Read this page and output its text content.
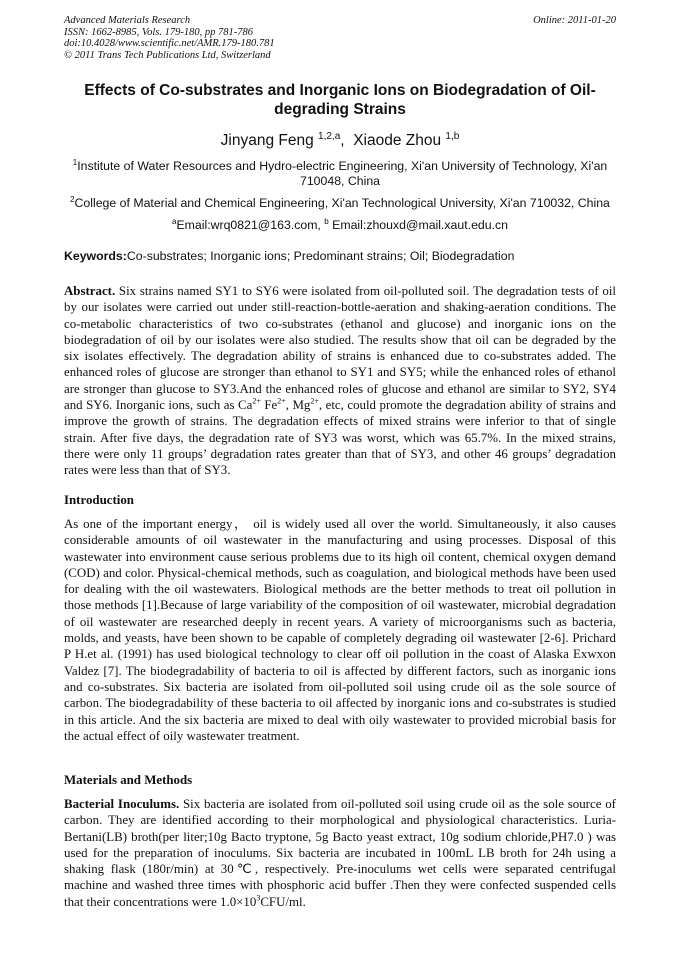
Advanced Materials Research
ISSN: 1662-8985, Vols. 179-180, pp 781-786
doi:10.4028/www.scientific.net/AMR.179-180.781
© 2011 Trans Tech Publications Ltd, Switzerland
Online: 2011-01-20
Effects of Co-substrates and Inorganic Ions on Biodegradation of Oil-degrading Strains
Jinyang Feng $^{1,2,a}$,  Xiaode Zhou $^{1,b}$
$^1$Institute of Water Resources and Hydro-electric Engineering, Xi'an University of Technology, Xi'an 710048, China
$^2$College of Material and Chemical Engineering, Xi'an Technological University, Xi'an 710032, China
$^a$Email:wrq0821@163.com, $^b$ Email:zhouxd@mail.xaut.edu.cn
Keywords:Co-substrates; Inorganic ions; Predominant strains; Oil; Biodegradation
Abstract. Six strains named SY1 to SY6 were isolated from oil-polluted soil. The degradation tests of oil by our isolates were carried out under still-reaction-bottle-aeration and shaking-aeration conditions. The co-metabolic characteristics of two co-substrates (ethanol and glucose) and inorganic ions on the biodegradation of oil by our isolates were also studied. The results show that oil can be degraded by the six isolates effectively. The degradation ability of strains is enhanced due to co-substrates added. The enhanced roles of glucose are stronger than ethanol to SY1 and SY5; while the enhanced roles of ethanol are stronger than glucose to SY3.And the enhanced roles of glucose and ethanol are similar to SY2, SY4 and SY6. Inorganic ions, such as $Ca^{2+}$ $Fe^{2+}$, $Mg^{2+}$, etc, could promote the degradation ability of strains and improve the growth of strains. The degradation effects of mixed strains were inferior to that of single strain. After five days, the degradation rate of SY3 was worst, which was 65.7%. In the mixed strains, there were only 11 groups’ degradation rates greater than that of SY3, and other 46 groups’ degradation rates were less than that of SY3.
Introduction
As one of the important energy， oil is widely used all over the world. Simultaneously, it also causes considerable amounts of oil wastewater in the manufacturing and using processes. Disposal of this wastewater into environment cause serious problems due to its high oil content, chemical oxygen demand (COD) and color. Physical-chemical methods, such as coagulation, and biological methods have been used for dealing with the oil wastewaters. Biological methods are the better methods to treat oil pollution in those methods [1].Because of large variability of the composition of oil wastewater, microbial degradation of oil wastewater are researched deeply in recent years. A variety of microorganisms such as bacteria, molds, and yeasts, have been shown to be capable of completely degrading oil wastewater [2-6]. Prichard P H.et al. (1991) has used biological technology to clear off oil pollution in the coast of Alaska Exwxon Valdez [7]. The biodegradability of bacteria to oil is affected by different factors, such as inorganic ions and co-substrates. Six bacteria are isolated from oil-polluted soil using crude oil as the sole source of carbon. The biodegradability of these bacteria to oil affected by inorganic ions and co-substrates is studied in this article. And the six bacteria are mixed to deal with oily wastewater to provided microbial basis for the actual effect of oily wastewater treatment.
Materials and Methods
Bacterial Inoculums. Six bacteria are isolated from oil-polluted soil using crude oil as the sole source of carbon. They are identified according to their morphological and physiological characteristics. Luria-Bertani(LB) broth(per liter;10g Bacto tryptone, 5g Bacto yeast extract, 10g sodium chloride,PH7.0 ) was used for the preparation of inoculums. Six bacteria are incubated in 100mL LB broth for 24h using a shaking flask (180r/min) at 30℃, respectively. Pre-inoculums wet cells were separated centrifugal machine and washed three times with phosphoric acid buffer .Then they were confected suspended cells that their concentrations were $1.0\times 10^3CFU/ml$.
